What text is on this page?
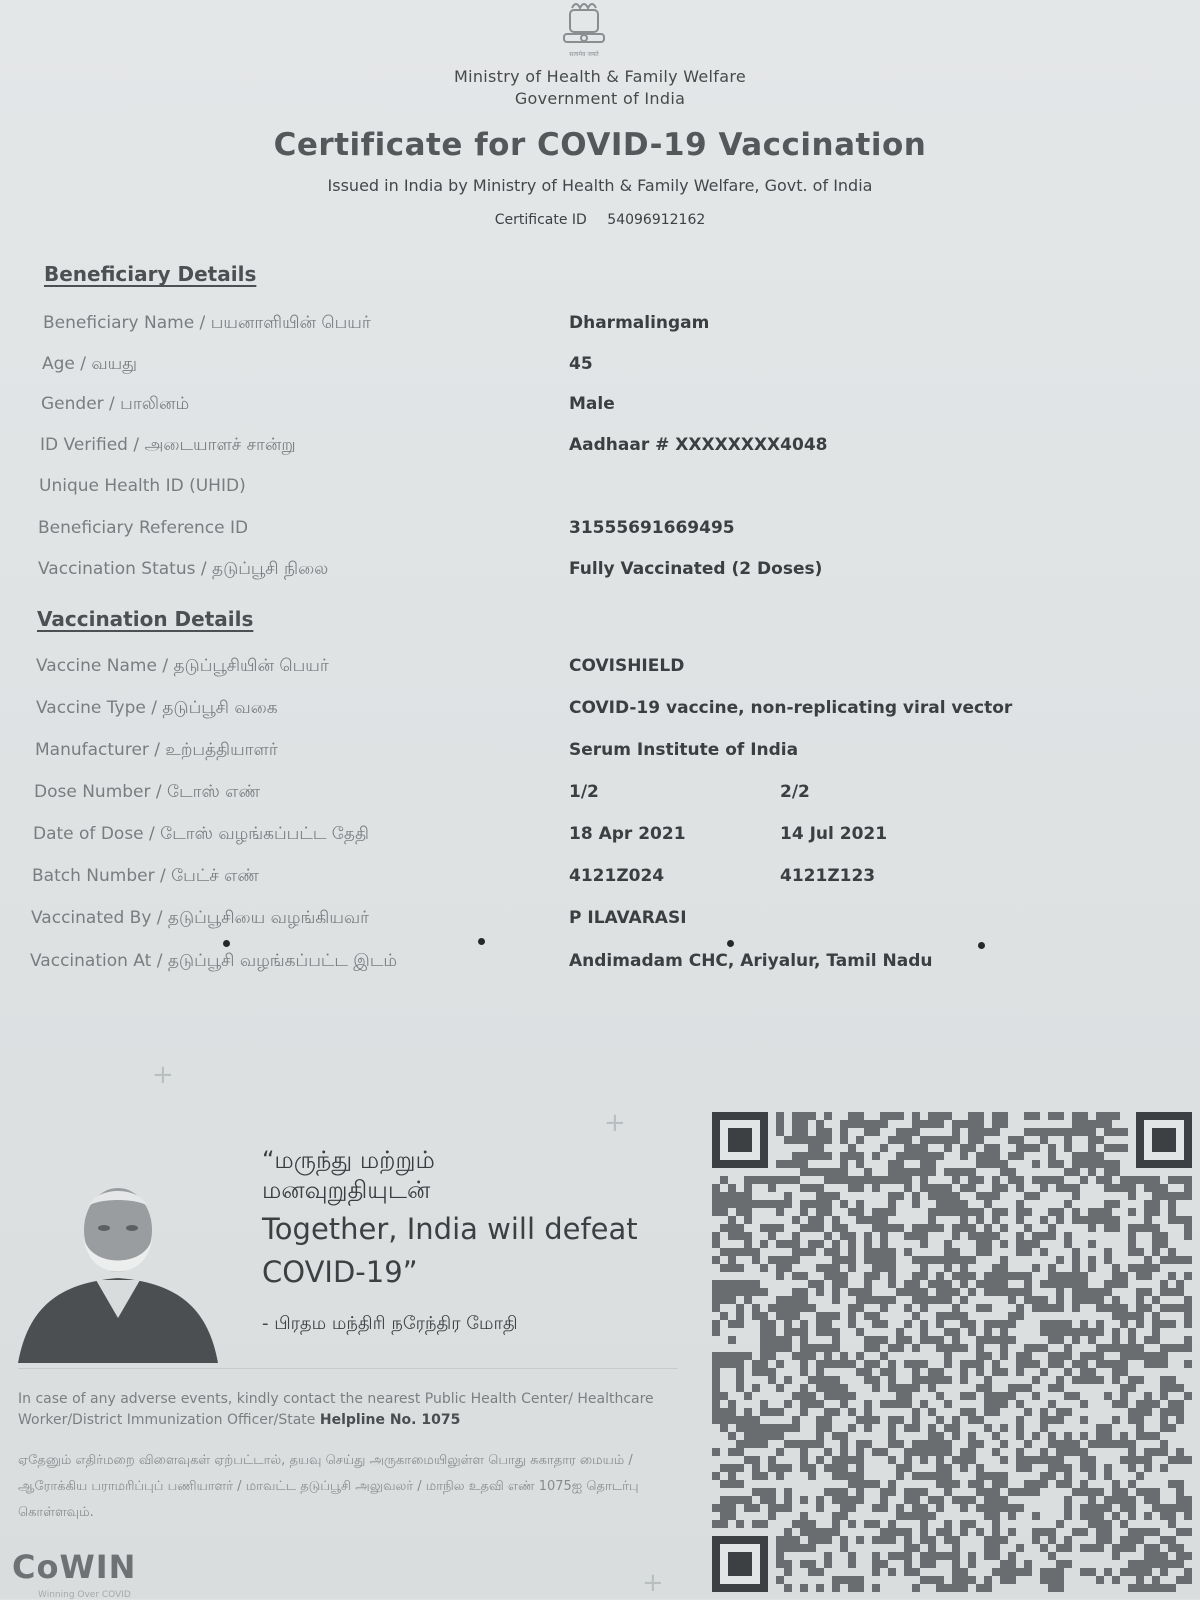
सत्यमेव जयते
Ministry of Health & Family Welfare
Government of India
Certificate for COVID-19 Vaccination
Issued in India by Ministry of Health & Family Welfare, Govt. of India
Certificate ID 54096912162
Beneficiary Details
Beneficiary Name / பயனாளியின் பெயர்	Dharmalingam
Age / வயது	45
Gender / பாலினம்	Male
ID Verified / அடையாளச் சான்று	Aadhaar # XXXXXXXX4048
Unique Health ID (UHID)
Beneficiary Reference ID	31555691669495
Vaccination Status / தடுப்பூசி நிலை	Fully Vaccinated (2 Doses)
Vaccination Details
Vaccine Name / தடுப்பூசியின் பெயர்	COVISHIELD
Vaccine Type / தடுப்பூசி வகை	COVID-19 vaccine, non-replicating viral vector
Manufacturer / உற்பத்தியாளர்	Serum Institute of India
Dose Number / டோஸ் எண்	1/2	2/2
Date of Dose / டோஸ் வழங்கப்பட்ட தேதி	18 Apr 2021	14 Jul 2021
Batch Number / பேட்ச் எண்	4121Z024	4121Z123
Vaccinated By / தடுப்பூசியை வழங்கியவர்	P ILAVARASI
Vaccination At / தடுப்பூசி வழங்கப்பட்ட இடம்	Andimadam CHC, Ariyalur, Tamil Nadu
+
+
+
“மருந்து மற்றும் மனவுறுதியுடன்
Together, India will defeat COVID-19”
- பிரதம மந்திரி நரேந்திர மோதி
In case of any adverse events, kindly contact the nearest Public Health Center/ Healthcare Worker/District Immunization Officer/State Helpline No. 1075
ஏதேனும் எதிர்மறை விளைவுகள் ஏற்பட்டால், தயவு செய்து அருகாமையிலுள்ள பொது சுகாதார மையம் / ஆரோக்கிய பராமரிப்புப் பணியாளர் / மாவட்ட தடுப்பூசி அலுவலர் / மாநில உதவி எண் 1075ஐ தொடர்பு கொள்ளவும்.
CoWIN
Winning Over COVID
